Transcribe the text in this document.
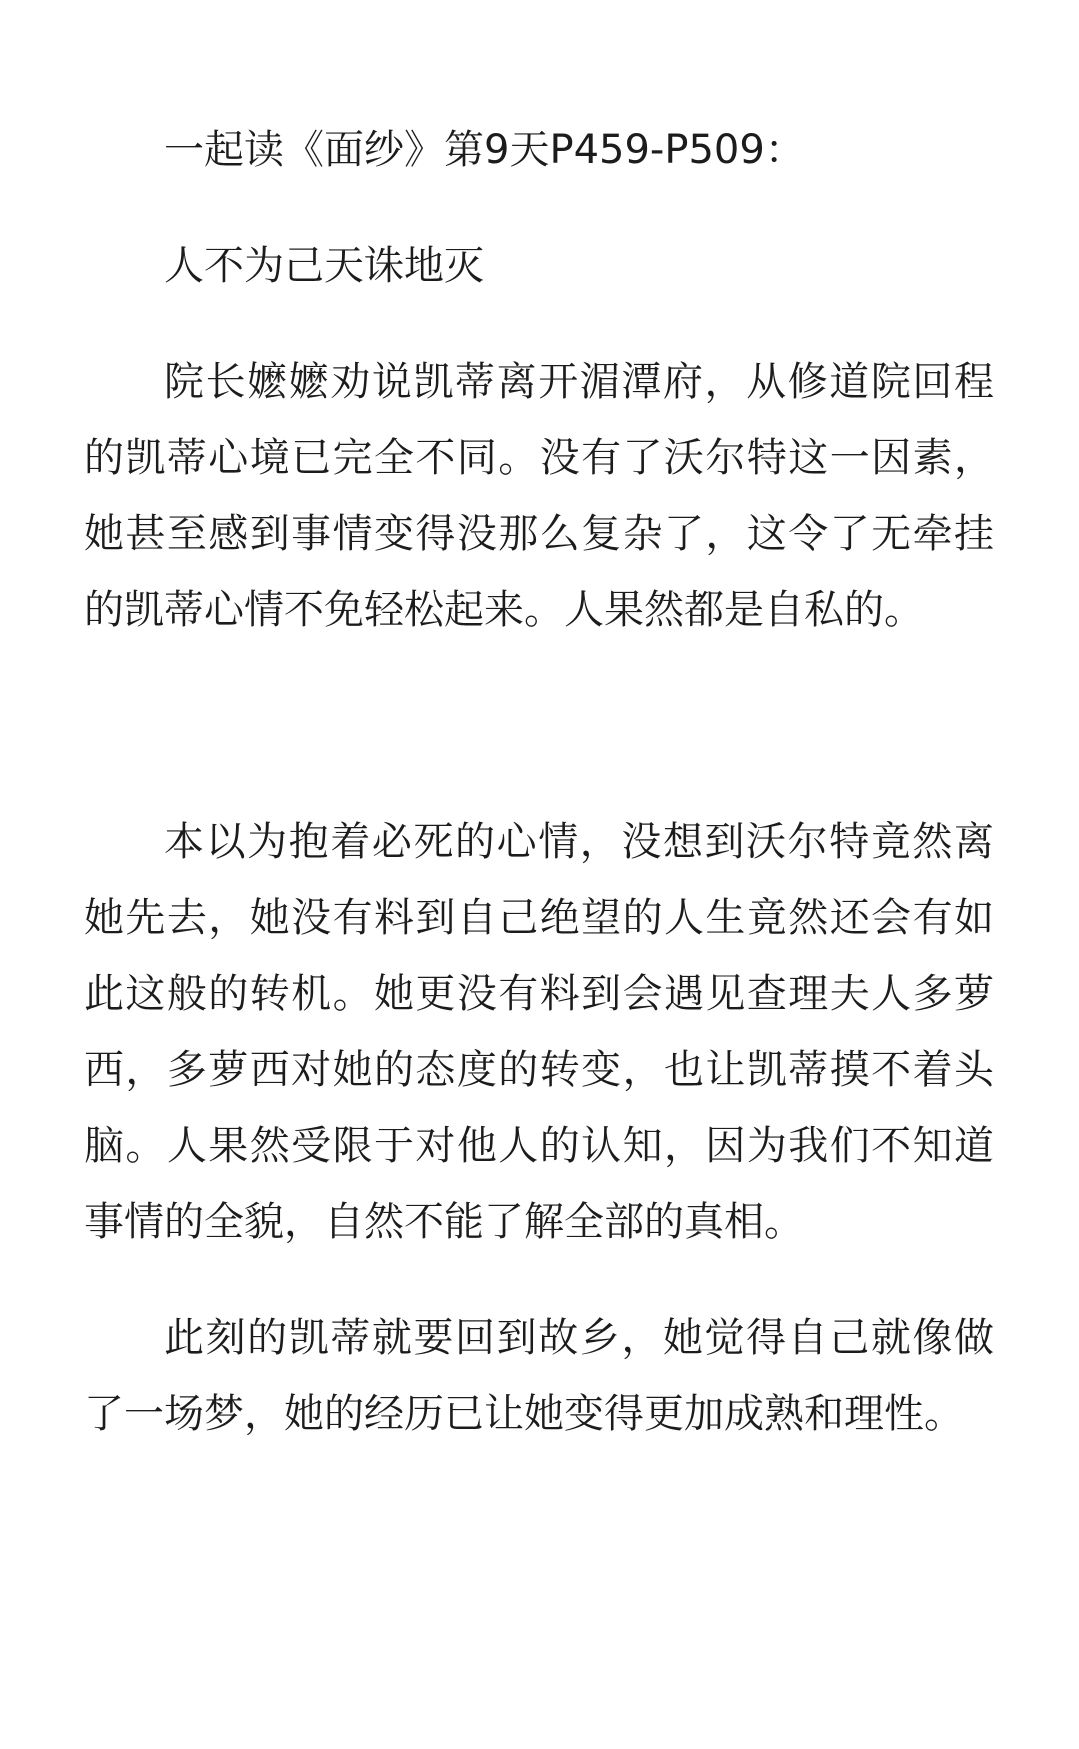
一起读《面纱》第9天P459-P509：

人不为己天诛地灭

院长嬷嬷劝说凯蒂离开湄潭府，从修道院回程的凯蒂心境已完全不同。没有了沃尔特这一因素，她甚至感到事情变得没那么复杂了，这令了无牵挂的凯蒂心情不免轻松起来。人果然都是自私的。

本以为抱着必死的心情，没想到沃尔特竟然离她先去，她没有料到自己绝望的人生竟然还会有如此这般的转机。她更没有料到会遇见查理夫人多萝西，多萝西对她的态度的转变，也让凯蒂摸不着头脑。人果然受限于对他人的认知，因为我们不知道事情的全貌，自然不能了解全部的真相。

此刻的凯蒂就要回到故乡，她觉得自己就像做了一场梦，她的经历已让她变得更加成熟和理性。
